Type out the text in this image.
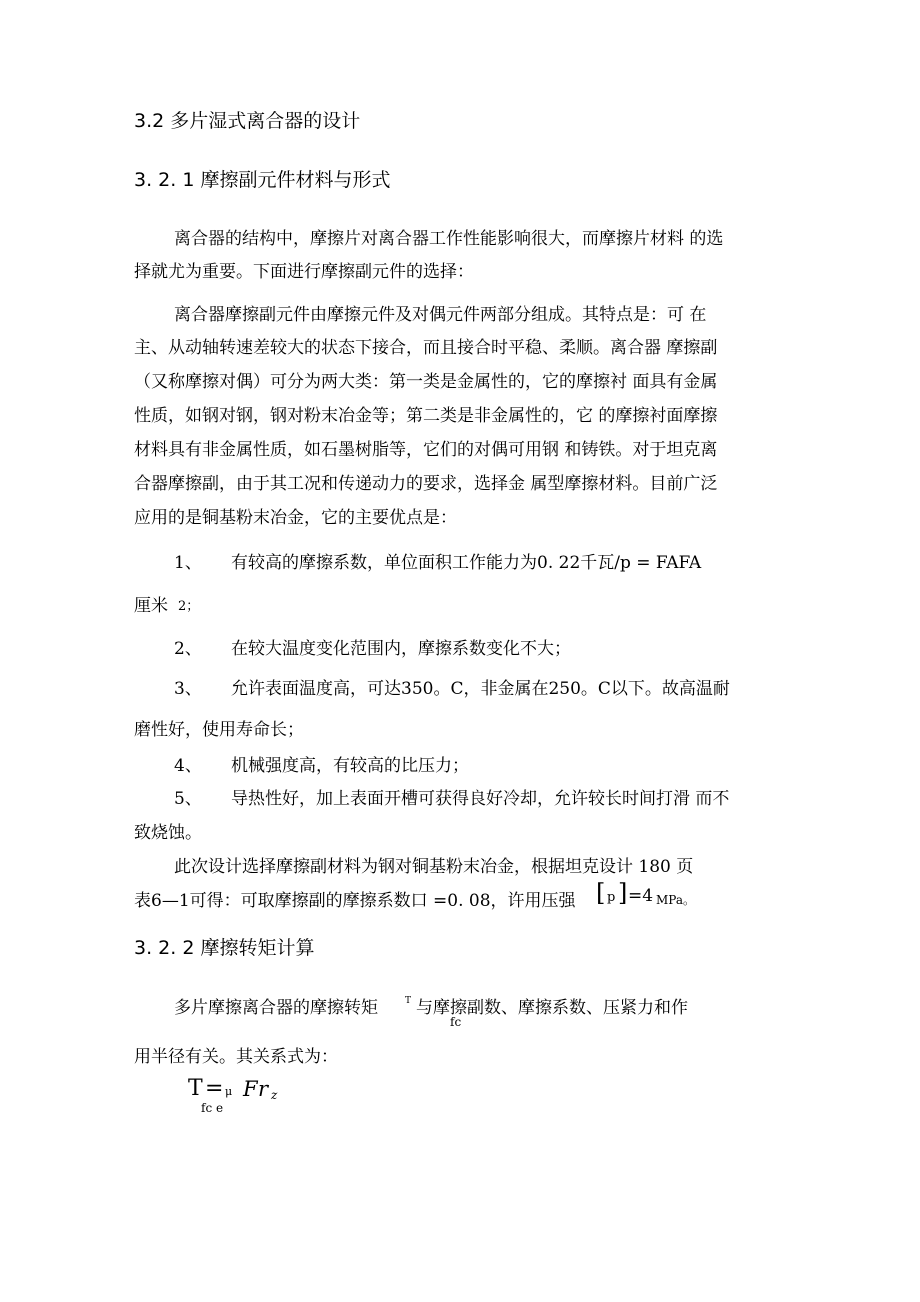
3.2 多片湿式离合器的设计
3. 2. 1 摩擦副元件材料与形式
离合器的结构中，摩擦片对离合器工作性能影响很大，而摩擦片材料 的选
择就尤为重要。下面进行摩擦副元件的选择：
离合器摩擦副元件由摩擦元件及对偶元件两部分组成。其特点是：可 在
主、从动轴转速差较大的状态下接合，而且接合时平稳、柔顺。离合器 摩擦副
（又称摩擦对偶）可分为两大类：第一类是金属性的，它的摩擦衬 面具有金属
性质，如钢对钢，钢对粉末冶金等；第二类是非金属性的，它 的摩擦衬面摩擦
材料具有非金属性质，如石墨树脂等，它们的对偶可用钢 和铸铁。对于坦克离
合器摩擦副，由于其工况和传递动力的要求，选择金 属型摩擦材料。目前广泛
应用的是铜基粉末冶金，它的主要优点是：
1、 有较高的摩擦系数，单位面积工作能力为0. 22千瓦/p = FAFA
厘米 2；
2、 在较大温度变化范围内，摩擦系数变化不大；
3、 允许表面温度高，可达350。C，非金属在250。C以下。故高温耐
磨性好，使用寿命长；
4、 机械强度高，有较高的比压力；
5、 导热性好，加上表面开槽可获得良好冷却，允许较长时间打滑 而不
致烧蚀。
此次设计选择摩擦副材料为钢对铜基粉末冶金，根据坦克设计 180 页
表6—1可得：可取摩擦副的摩擦系数口 =0. 08，许用压强 [ p ] =4 MPa。
3. 2. 2 摩擦转矩计算
多片摩擦离合器的摩擦转矩	T 与摩擦副数、摩擦系数、压紧力和作
fc
用半径有关。其关系式为：
T = μ F r z
fc e
